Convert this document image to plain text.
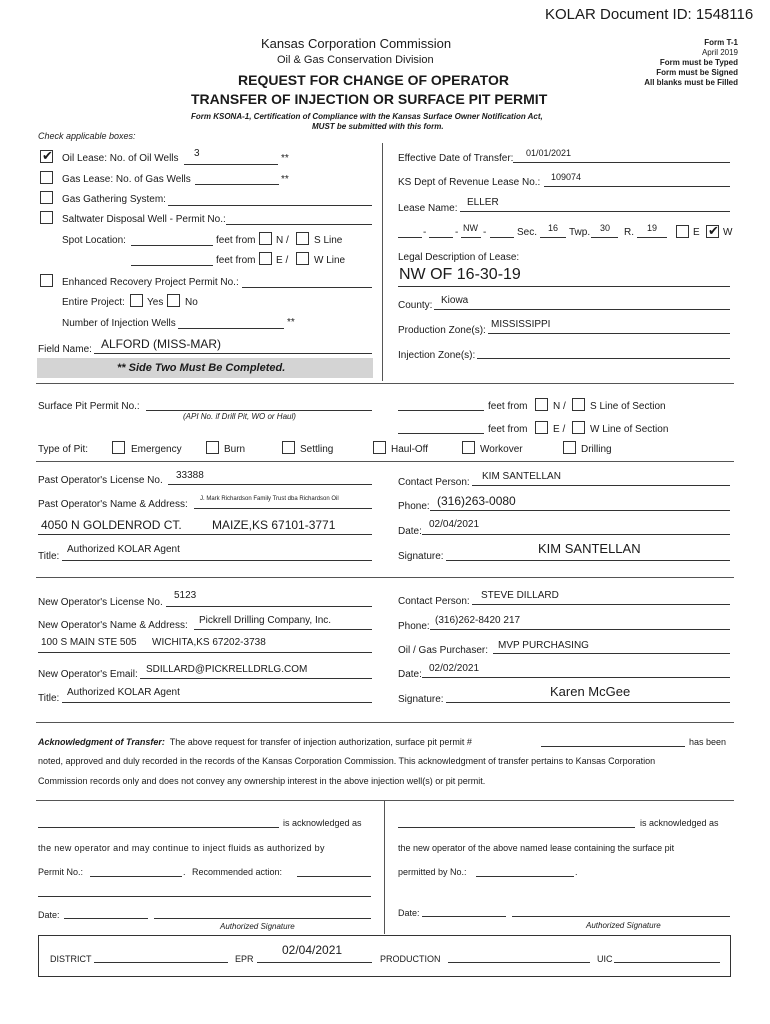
KOLAR Document ID: 1548116
Kansas Corporation Commission
Oil & Gas Conservation Division
REQUEST FOR CHANGE OF OPERATOR
TRANSFER OF INJECTION OR SURFACE PIT PERMIT
Form KSONA-1, Certification of Compliance with the Kansas Surface Owner Notification Act,
MUST be submitted with this form.
Form T-1
April 2019
Form must be Typed
Form must be Signed
All blanks must be Filled
Check applicable boxes:
✔ Oil Lease: No. of Oil Wells 3	**
Gas Lease: No. of Gas Wells	**
Gas Gathering System:
Saltwater Disposal Well - Permit No.:
Spot Location:	feet from N /	S Line
feet from E /	W Line
Enhanced Recovery Project Permit No.:
Entire Project: Yes No
Number of Injection Wells	**
Field Name: ALFORD (MISS-MAR)
** Side Two Must Be Completed.
Effective Date of Transfer: 01/01/2021
KS Dept of Revenue Lease No.: 109074
Lease Name:
ELLER
-	- NW -	Sec. 16 Twp. 30 R. 19	E ✔ W
Legal Description of Lease:
NW OF 16-30-19
County: Kiowa
Production Zone(s):
MISSISSIPPI
Injection Zone(s):
Surface Pit Permit No.:
(API No. if Drill Pit, WO or Haul)
feet from	N / S Line of Section
feet from	E / W Line of Section
Type of Pit:	Emergency	Burn	Settling	Haul-Off	Workover	Drilling
Past Operator's License No. 33388
Past Operator's Name & Address: J. Mark Richardson Family Trust dba Richardson Oil
4050 N GOLDENROD CT.	MAIZE,KS 67101-3771
Title:
Authorized KOLAR Agent
Contact Person:
KIM SANTELLAN
Phone: (316)263-0080
Date:
02/04/2021
Signature:
KIM SANTELLAN
New Operator's License No.
5123
New Operator's Name & Address: Pickrell Drilling Company, Inc.
100 S MAIN STE 505 WICHITA,KS 67202-3738
New Operator's Email: SDILLARD@PICKRELLDRLG.COM
Title:
Authorized KOLAR Agent
Contact Person:
STEVE DILLARD
Phone:
(316)262-8420 217
Oil / Gas Purchaser: MVP PURCHASING
Date:
02/02/2021
Signature:
Karen McGee
Acknowledgment of Transfer: The above request for transfer of injection authorization, surface pit permit #	has been
noted, approved and duly recorded in the records of the Kansas Corporation Commission. This acknowledgment of transfer pertains to Kansas Corporation
Commission records only and does not convey any ownership interest in the above injection well(s) or pit permit.
is acknowledged as
the new operator and may continue to inject fluids as authorized by
Permit No.:	. Recommended action:
Date:
Authorized Signature
is acknowledged as
the new operator of the above named lease containing the surface pit
permitted by No.:	.
Date:
Authorized Signature
DISTRICT	EPR
02/04/2021
PRODUCTION	UIC
